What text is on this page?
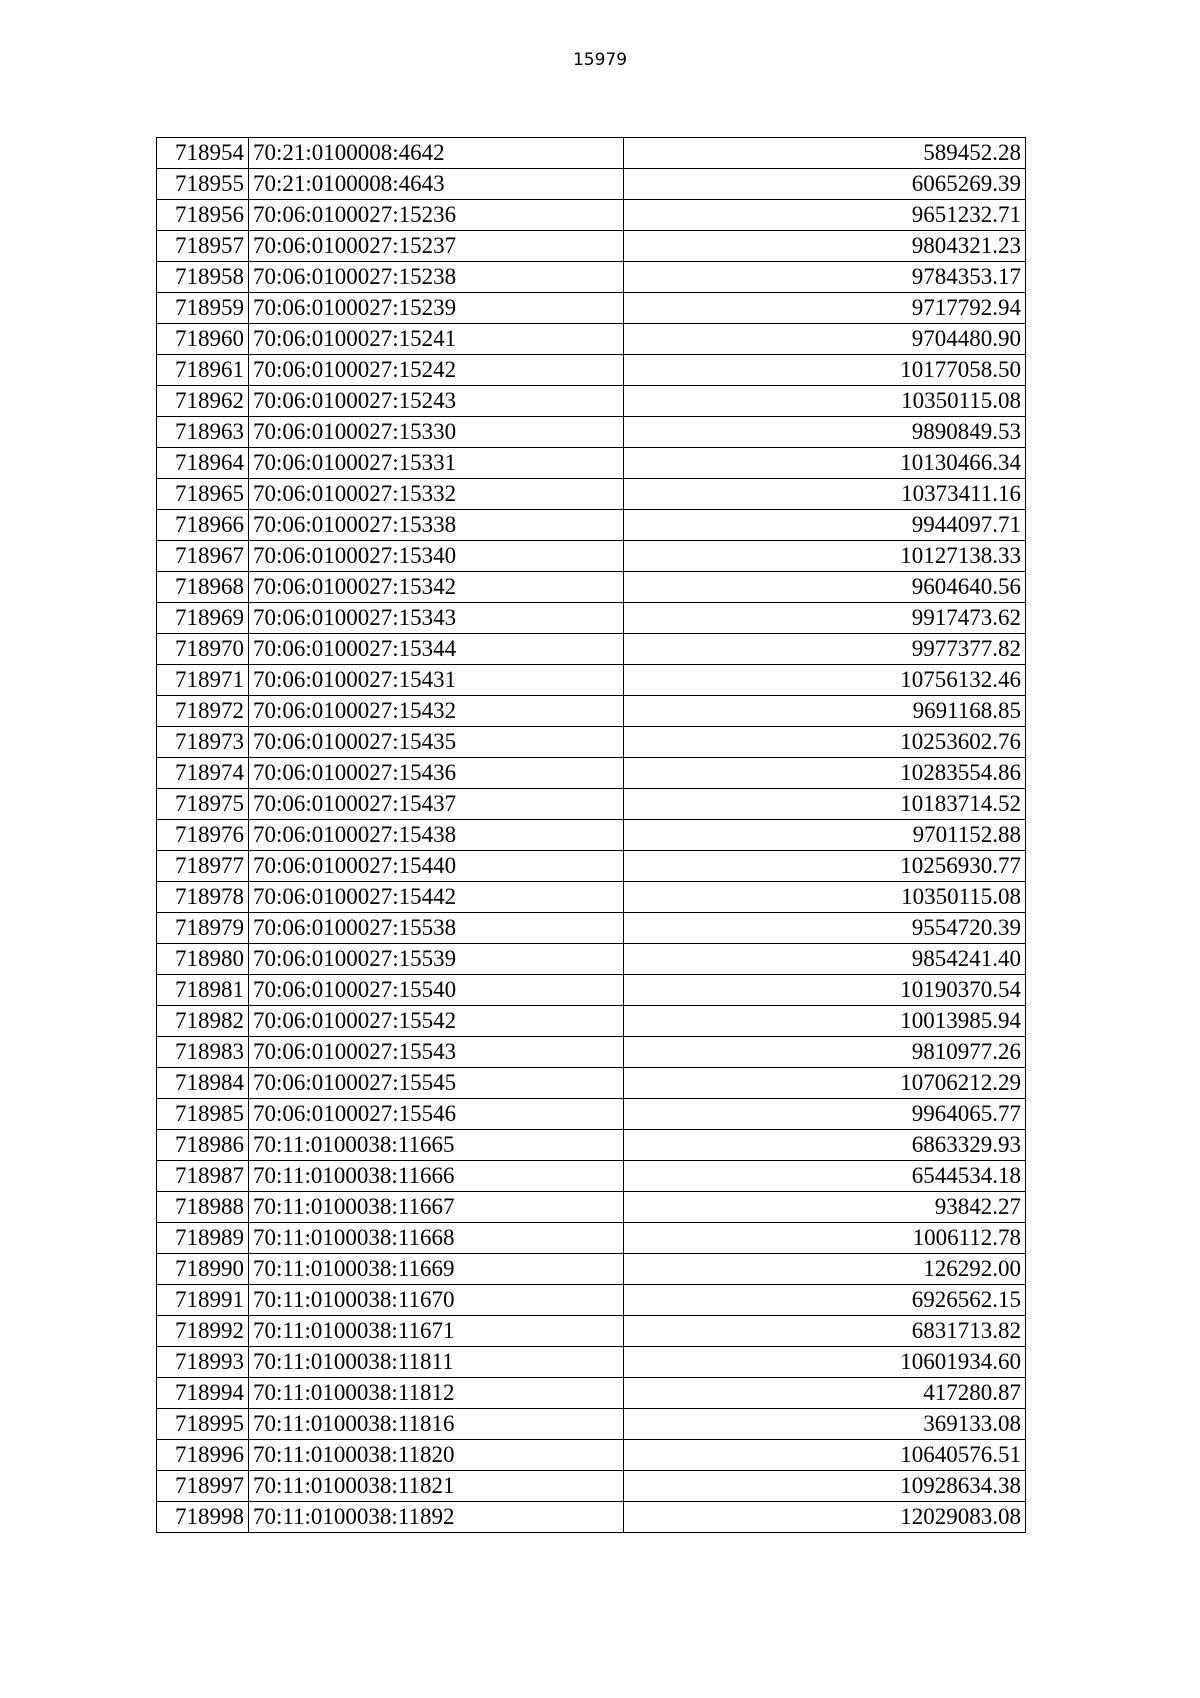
15979
718954	70:21:0100008:4642	589452.28
718955	70:21:0100008:4643	6065269.39
718956	70:06:0100027:15236	9651232.71
718957	70:06:0100027:15237	9804321.23
718958	70:06:0100027:15238	9784353.17
718959	70:06:0100027:15239	9717792.94
718960	70:06:0100027:15241	9704480.90
718961	70:06:0100027:15242	10177058.50
718962	70:06:0100027:15243	10350115.08
718963	70:06:0100027:15330	9890849.53
718964	70:06:0100027:15331	10130466.34
718965	70:06:0100027:15332	10373411.16
718966	70:06:0100027:15338	9944097.71
718967	70:06:0100027:15340	10127138.33
718968	70:06:0100027:15342	9604640.56
718969	70:06:0100027:15343	9917473.62
718970	70:06:0100027:15344	9977377.82
718971	70:06:0100027:15431	10756132.46
718972	70:06:0100027:15432	9691168.85
718973	70:06:0100027:15435	10253602.76
718974	70:06:0100027:15436	10283554.86
718975	70:06:0100027:15437	10183714.52
718976	70:06:0100027:15438	9701152.88
718977	70:06:0100027:15440	10256930.77
718978	70:06:0100027:15442	10350115.08
718979	70:06:0100027:15538	9554720.39
718980	70:06:0100027:15539	9854241.40
718981	70:06:0100027:15540	10190370.54
718982	70:06:0100027:15542	10013985.94
718983	70:06:0100027:15543	9810977.26
718984	70:06:0100027:15545	10706212.29
718985	70:06:0100027:15546	9964065.77
718986	70:11:0100038:11665	6863329.93
718987	70:11:0100038:11666	6544534.18
718988	70:11:0100038:11667	93842.27
718989	70:11:0100038:11668	1006112.78
718990	70:11:0100038:11669	126292.00
718991	70:11:0100038:11670	6926562.15
718992	70:11:0100038:11671	6831713.82
718993	70:11:0100038:11811	10601934.60
718994	70:11:0100038:11812	417280.87
718995	70:11:0100038:11816	369133.08
718996	70:11:0100038:11820	10640576.51
718997	70:11:0100038:11821	10928634.38
718998	70:11:0100038:11892	12029083.08
